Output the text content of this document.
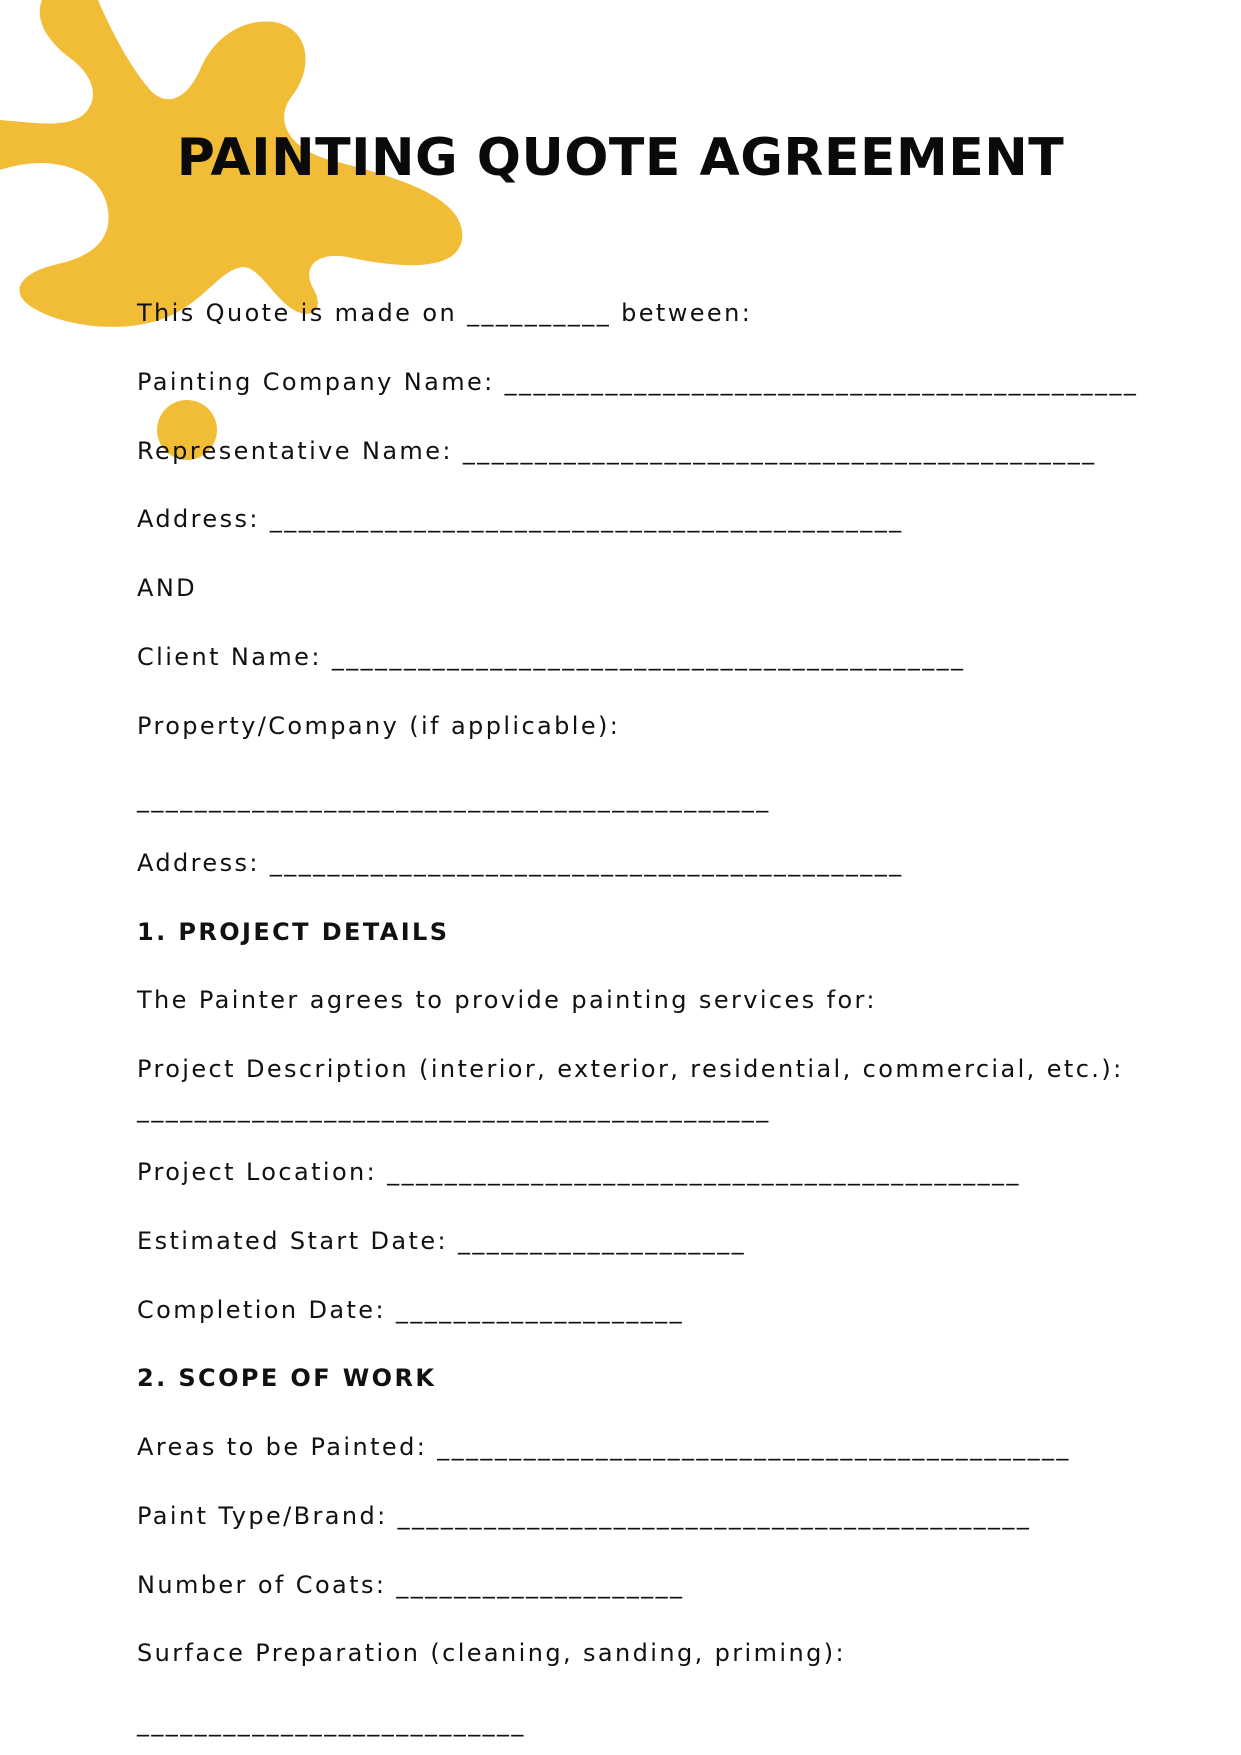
PAINTING QUOTE AGREEMENT

This Quote is made on __________ between:

Painting Company Name: ____________________________________________

Representative Name: ____________________________________________

Address: ____________________________________________

AND

Client Name: ____________________________________________

Property/Company (if applicable):

____________________________________________

Address: ____________________________________________

1. PROJECT DETAILS

The Painter agrees to provide painting services for:

Project Description (interior, exterior, residential, commercial, etc.):

____________________________________________

Project Location: ____________________________________________

Estimated Start Date: ____________________

Completion Date: ____________________

2. SCOPE OF WORK

Areas to be Painted: ____________________________________________

Paint Type/Brand: ____________________________________________

Number of Coats: ____________________

Surface Preparation (cleaning, sanding, priming):

___________________________
